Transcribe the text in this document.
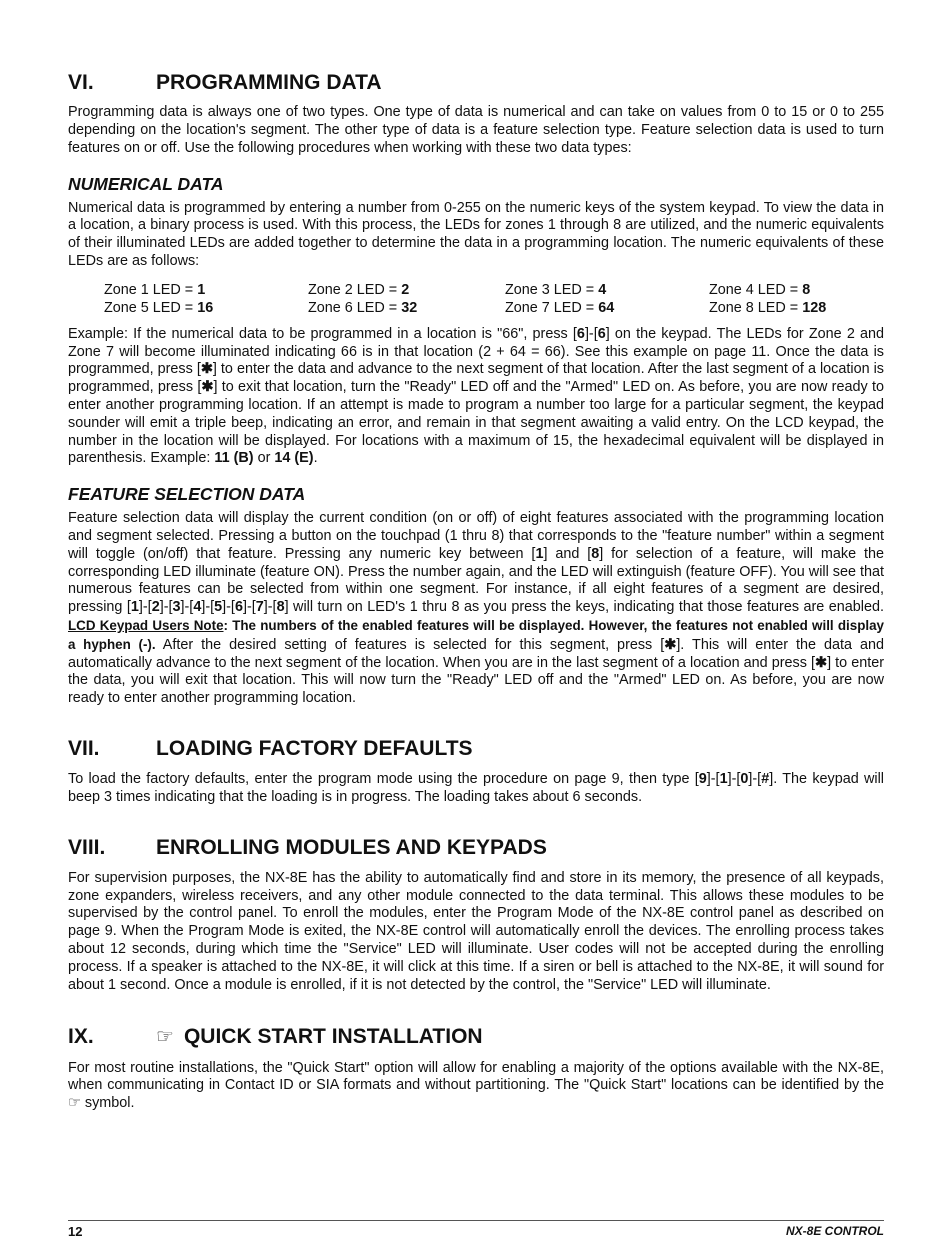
VI.	PROGRAMMING DATA

Programming data is always one of two types. One type of data is numerical and can take on values from 0 to 15 or 0 to 255 depending on the location's segment. The other type of data is a feature selection type. Feature selection data is used to turn features on or off. Use the following procedures when working with these two data types:

NUMERICAL DATA

Numerical data is programmed by entering a number from 0-255 on the numeric keys of the system keypad. To view the data in a location, a binary process is used. With this process, the LEDs for zones 1 through 8 are utilized, and the numeric equivalents of their illuminated LEDs are added together to determine the data in a programming location. The numeric equivalents of these LEDs are as follows:

Zone 1 LED = 1	Zone 2 LED = 2	Zone 3 LED = 4	Zone 4 LED = 8
Zone 5 LED = 16	Zone 6 LED = 32	Zone 7 LED = 64	Zone 8 LED = 128

Example: If the numerical data to be programmed in a location is "66", press [6]-[6] on the keypad. The LEDs for Zone 2 and Zone 7 will become illuminated indicating 66 is in that location (2 + 64 = 66). See this example on page 11. Once the data is programmed, press [✱] to enter the data and advance to the next segment of that location. After the last segment of a location is programmed, press [✱] to exit that location, turn the "Ready" LED off and the "Armed" LED on. As before, you are now ready to enter another programming location. If an attempt is made to program a number too large for a particular segment, the keypad sounder will emit a triple beep, indicating an error, and remain in that segment awaiting a valid entry. On the LCD keypad, the number in the location will be displayed. For locations with a maximum of 15, the hexadecimal equivalent will be displayed in parenthesis. Example: 11 (B) or 14 (E).

FEATURE SELECTION DATA

Feature selection data will display the current condition (on or off) of eight features associated with the programming location and segment selected. Pressing a button on the touchpad (1 thru 8) that corresponds to the "feature number" within a segment will toggle (on/off) that feature. Pressing any numeric key between [1] and [8] for selection of a feature, will make the corresponding LED illuminate (feature ON). Press the number again, and the LED will extinguish (feature OFF). You will see that numerous features can be selected from within one segment. For instance, if all eight features of a segment are desired, pressing [1]-[2]-[3]-[4]-[5]-[6]-[7]-[8] will turn on LED's 1 thru 8 as you press the keys, indicating that those features are enabled. LCD Keypad Users Note: The numbers of the enabled features will be displayed. However, the features not enabled will display a hyphen (-). After the desired setting of features is selected for this segment, press [✱]. This will enter the data and automatically advance to the next segment of the location. When you are in the last segment of a location and press [✱] to enter the data, you will exit that location. This will now turn the "Ready" LED off and the "Armed" LED on. As before, you are now ready to enter another programming location.

VII.	LOADING FACTORY DEFAULTS

To load the factory defaults, enter the program mode using the procedure on page 9, then type [9]-[1]-[0]-[#]. The keypad will beep 3 times indicating that the loading is in progress. The loading takes about 6 seconds.

VIII.	ENROLLING MODULES AND KEYPADS

For supervision purposes, the NX-8E has the ability to automatically find and store in its memory, the presence of all keypads, zone expanders, wireless receivers, and any other module connected to the data terminal. This allows these modules to be supervised by the control panel. To enroll the modules, enter the Program Mode of the NX-8E control panel as described on page 9. When the Program Mode is exited, the NX-8E control will automatically enroll the devices. The enrolling process takes about 12 seconds, during which time the "Service" LED will illuminate. User codes will not be accepted during the enrolling process. If a speaker is attached to the NX-8E, it will click at this time. If a siren or bell is attached to the NX-8E, it will sound for about 1 second. Once a module is enrolled, if it is not detected by the control, the "Service" LED will illuminate.

IX.	☞ QUICK START INSTALLATION

For most routine installations, the "Quick Start" option will allow for enabling a majority of the options available with the NX-8E, when communicating in Contact ID or SIA formats and without partitioning. The "Quick Start" locations can be identified by the ☞ symbol.

12	NX-8E CONTROL
